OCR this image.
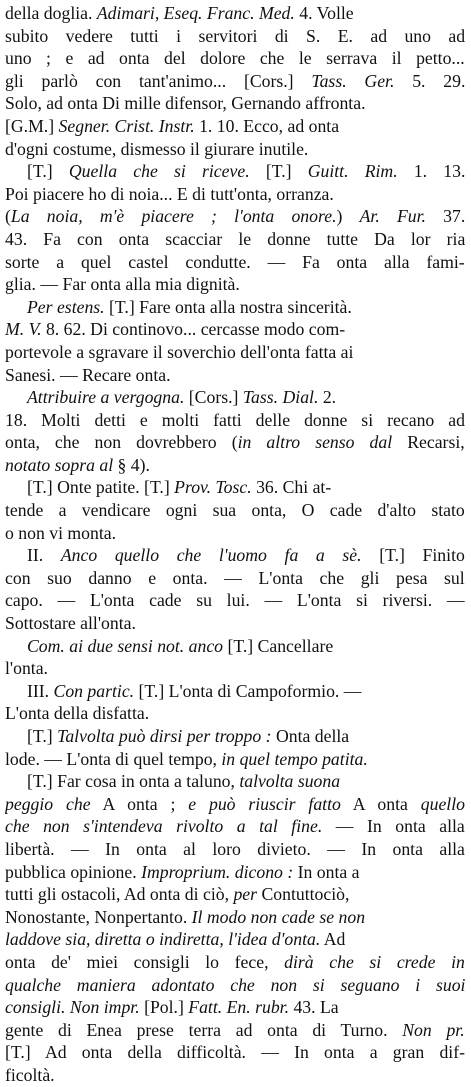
della doglia. Adimari, Eseq. Franc. Med. 4. Volle
subito vedere tutti i servitori di S. E. ad uno ad
uno ; e ad onta del dolore che le serrava il petto...
gli parlò con tant'animo... [Cors.] Tass. Ger. 5. 29.
Solo, ad onta Di mille difensor, Gernando affronta.
[G.M.] Segner. Crist. Instr. 1. 10. Ecco, ad onta
d'ogni costume, dismesso il giurare inutile.
[T.] Quella che si riceve. [T.] Guitt. Rim. 1. 13.
Poi piacere ho di noia... E di tutt'onta, orranza.
(La noia, m'è piacere ; l'onta onore.) Ar. Fur. 37.
43. Fa con onta scacciar le donne tutte Da lor ria
sorte a quel castel condutte. — Fa onta alla fami-
glia. — Far onta alla mia dignità.
Per estens. [T.] Fare onta alla nostra sincerità.
M. V. 8. 62. Di continovo... cercasse modo com-
portevole a sgravare il soverchio dell'onta fatta ai
Sanesi. — Recare onta.
Attribuire a vergogna. [Cors.] Tass. Dial. 2.
18. Molti detti e molti fatti delle donne si recano ad
onta, che non dovrebbero (in altro senso dal Recarsi,
notato sopra al § 4).
[T.] Onte patite. [T.] Prov. Tosc. 36. Chi at-
tende a vendicare ogni sua onta, O cade d'alto stato
o non vi monta.
II. Anco quello che l'uomo fa a sè. [T.] Finito
con suo danno e onta. — L'onta che gli pesa sul
capo. — L'onta cade su lui. — L'onta si riversi. —
Sottostare all'onta.
Com. ai due sensi not. anco [T.] Cancellare
l'onta.
III. Con partic. [T.] L'onta di Campoformio. —
L'onta della disfatta.
[T.] Talvolta può dirsi per troppo : Onta della
lode. — L'onta di quel tempo, in quel tempo patita.
[T.] Far cosa in onta a taluno, talvolta suona
peggio che A onta ; e può riuscir fatto A onta quello
che non s'intendeva rivolto a tal fine. — In onta alla
libertà. — In onta al loro divieto. — In onta alla
pubblica opinione. Improprium. dicono : In onta a
tutti gli ostacoli, Ad onta di ciò, per Contuttociò,
Nonostante, Nonpertanto. Il modo non cade se non
laddove sia, diretta o indiretta, l'idea d'onta. Ad
onta de' miei consigli lo fece, dirà che si crede in
qualche maniera adontato che non si seguano i suoi
consigli. Non impr. [Pol.] Fatt. En. rubr. 43. La
gente di Enea prese terra ad onta di Turno. Non pr.
[T.] Ad onta della difficoltà. — In onta a gran dif-
ficoltà.
